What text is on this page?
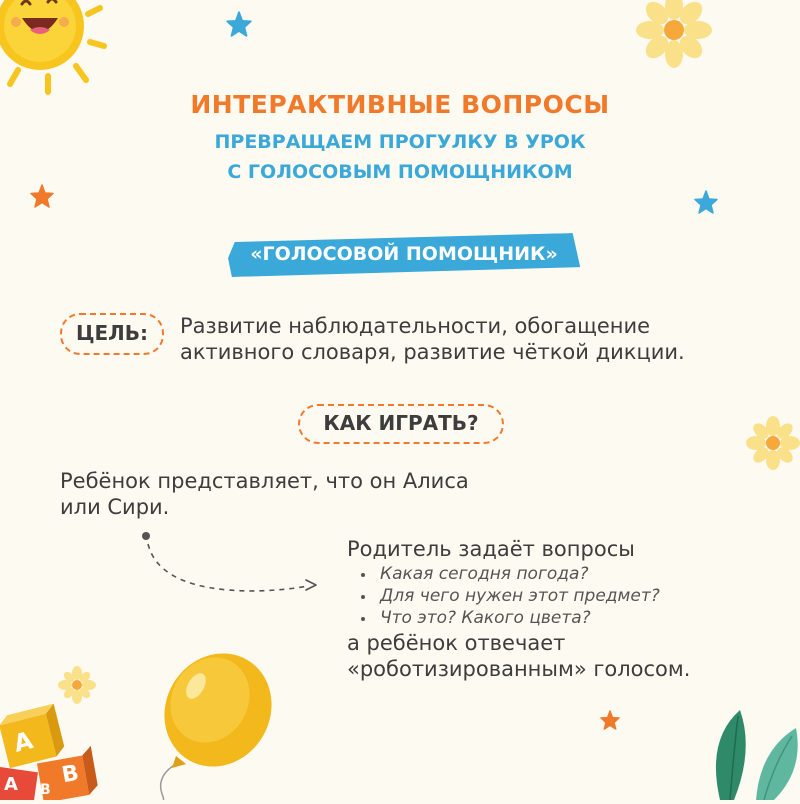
А
В
А В
ИНТЕРАКТИВНЫЕ ВОПРОСЫ
ПРЕВРАЩАЕМ ПРОГУЛКУ В УРОК
С ГОЛОСОВЫМ ПОМОЩНИКОМ
«ГОЛОСОВОЙ ПОМОЩНИК»
ЦЕЛЬ:	Развитие наблюдательности, обогащение
активного словаря, развитие чёткой дикции.
КАК ИГРАТЬ?
Ребёнок представляет, что он Алиса
или Сири.
Родитель задаёт вопросы
Какая сегодня погода?
Для чего нужен этот предмет?
Что это? Какого цвета?
а ребёнок отвечает
«роботизированным» голосом.
